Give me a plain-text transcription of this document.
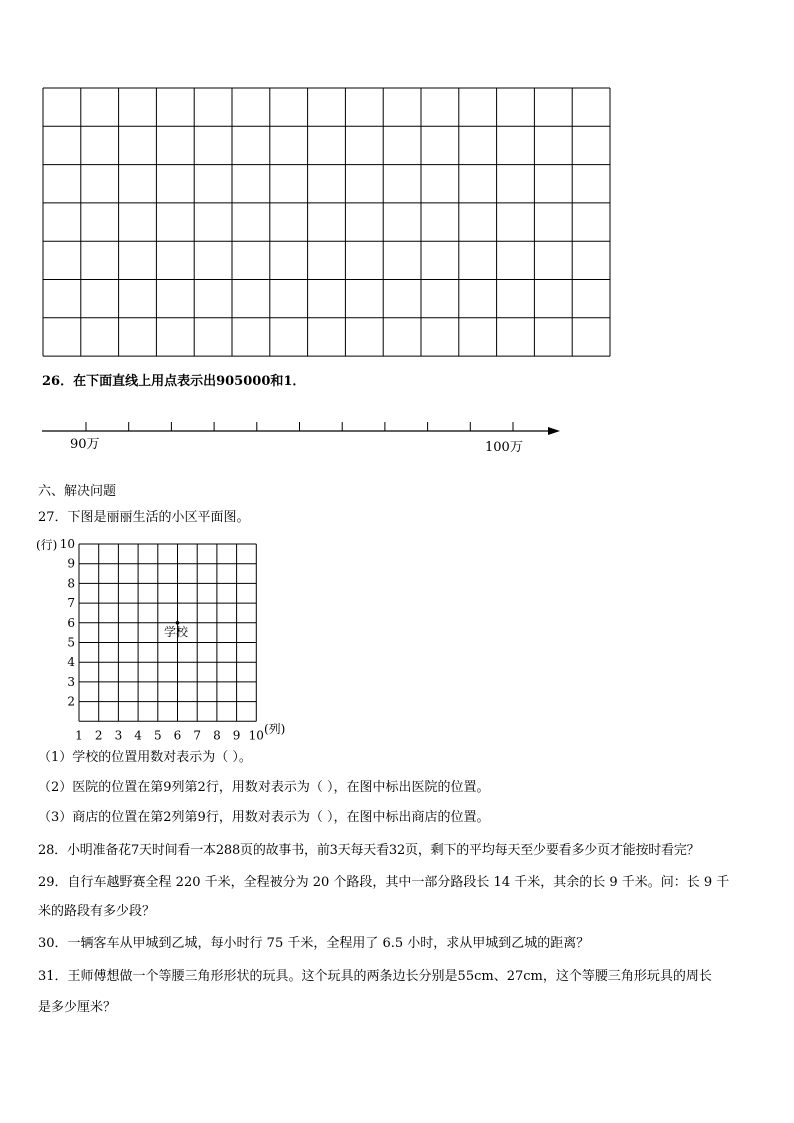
26．在下面直线上用点表示出905000和1．
90万	100万
六、解决问题
27．下图是丽丽生活的小区平面图。
(行)
(列)
学校
10
9
8
7
6
5
4
3
2
1 2 3 4 5 6 7 8 9 10
（1）学校的位置用数对表示为（ ）。
（2）医院的位置在第9列第2行，用数对表示为（ ），在图中标出医院的位置。
（3）商店的位置在第2列第9行，用数对表示为（ ），在图中标出商店的位置。
28．小明准备花7天时间看一本288页的故事书，前3天每天看32页，剩下的平均每天至少要看多少页才能按时看完？
29．自行车越野赛全程 220 千米，全程被分为 20 个路段，其中一部分路段长 14 千米，其余的长 9 千米。问：长 9 千
米的路段有多少段？
30．一辆客车从甲城到乙城，每小时行 75 千米，全程用了 6.5 小时，求从甲城到乙城的距离？
31．王师傅想做一个等腰三角形形状的玩具。这个玩具的两条边长分别是55cm、27cm，这个等腰三角形玩具的周长
是多少厘米？
